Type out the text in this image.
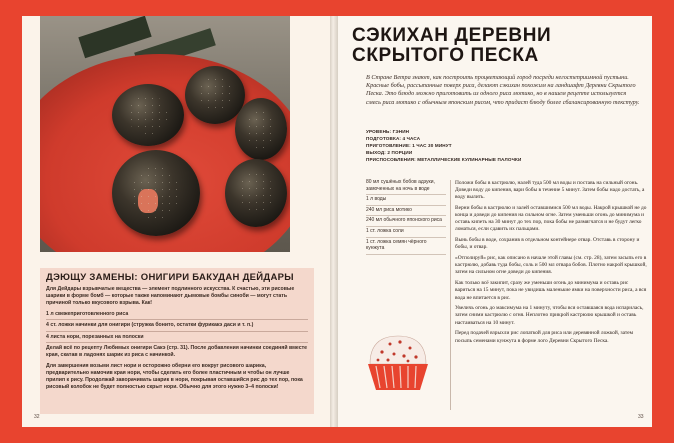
ДЭЮЩУ ЗАМЕНЫ: ОНИГИРИ БАКУДАН ДЕЙДАРЫ

Для Дейдары взрывчатые вещества — элемент подлинного искусства. К счастью, эти рисовые шарики в форме бомб — которые также напоминают дымовые бомбы синоби — могут стать причиной только вкусового взрыва. Как!

1 л свежеприготовленного риса
4 ст. ложки начинки для онигири (стружка бонито, остатки фурикакэ даси и т. п.)
4 листа нори, порезанных на полоски

Делай всё по рецепту Любимых онигири Сакэ (стр. 31). После добавления начинки соединяй вместе края, скатав в ладонях шарик из риса с начинкой.

Для завершения возьми лист нори и осторожно оберни его вокруг рисового шарика, предварительно намочив края нори, чтобы сделать его более пластичным и чтобы он лучше прилип к рису. Продолжай заворачивать шарик в нори, покрывая оставшийся рис до тех пор, пока рисовый колобок не будет полностью скрыт нори. Обычно для этого нужно 3–4 полоски!

32	33
СЭКИХАН ДЕРЕВНИ
СКРЫТОГО ПЕСКА

В Стране Ветра знают, как построить процветающий город посреди негостеприимной пустыни. Красные бобы, рассыпанные поверх риса, делают сэкихан похожим на ландшафт Деревни Скрытого Песка. Это блюдо можно приготовить из одного риса мотико, но в нашем рецепте используется смесь риса мотико с обычным японским рисом, что придаст блюду более сбалансированную текстуру.

УРОВЕНЬ: ГЭНИН
ПОДГОТОВКА: 4 ЧАСА
ПРИГОТОВЛЕНИЕ: 1 ЧАС 30 МИНУТ
ВЫХОД: 2 ПОРЦИИ
ПРИСПОСОБЛЕНИЯ: МЕТАЛЛИЧЕСКИЕ КУЛИНАРНЫЕ ПАЛОЧКИ
80 мл сушёных бобов адзуки, замоченных на ночь в воде
1 л воды
240 мл риса мотико
240 мл обычного японского риса
1 ст. ложка соли
1 ст. ложка семян чёрного кунжута

Положи бобы в кастрюлю, налей туда 500 мл воды и поставь на сильный огонь. Доведи воду до кипения, вари бобы в течение 5 минут. Затем бобы надо достать, а воду вылить.

Верни бобы в кастрюлю и залей оставшимися 500 мл воды. Накрой крышкой не до конца и доведи до кипения на сильном огне. Затем уменьши огонь до минимума и оставь кипеть на 30 минут до тех пор, пока бобы не размягчатся и не будут легко ломаться, если сдавить их пальцами.

Вынь бобы в воде, сохранив в отдельном контейнере отвар. Отставь в сторону и бобы, и отвар.

«Отполируй» рис, как описано в начале этой главы (см. стр. 28), затем засыпь его в кастрюлю, добавь туда бобы, соль и 500 мл отвара бобов. Плотно накрой крышкой, затем на сильном огне доведи до кипения.

Как только всё закипит, сразу же уменьши огонь до минимума и оставь рис вариться на 15 минут, пока не увидишь маленькие ямки на поверхности риса, а вся вода не впитается в рис.

Увеличь огонь до максимума на 1 минуту, чтобы вся оставшаяся вода испарилась, затем сними кастрюлю с огня. Неплотно прикрой кастрюлю крышкой и оставь настаиваться на 10 минут.

Перед подачей взрыхли рис лопаткой для риса или деревянной ложкой, затем посыпь семенами кунжута в форме лого Деревни Скрытого Песка.
